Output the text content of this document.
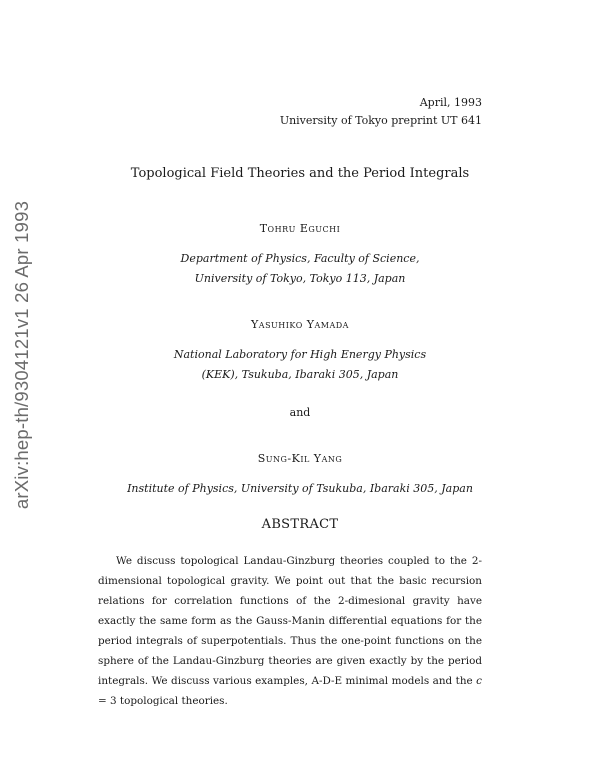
arXiv:hep-th/9304121v1 26 Apr 1993
April, 1993
University of Tokyo preprint UT 641
Topological Field Theories and the Period Integrals
Tohru Eguchi
Department of Physics, Faculty of Science,
University of Tokyo, Tokyo 113, Japan
Yasuhiko Yamada
National Laboratory for High Energy Physics
(KEK), Tsukuba, Ibaraki 305, Japan
and
Sung-Kil Yang
Institute of Physics, University of Tsukuba, Ibaraki 305, Japan
ABSTRACT

We discuss topological Landau-Ginzburg theories coupled to the 2-dimensional topological gravity. We point out that the basic recursion relations for correlation functions of the 2-dimesional gravity have exactly the same form as the Gauss-Manin differential equations for the period integrals of superpotentials. Thus the one-point functions on the sphere of the Landau-Ginzburg theories are given exactly by the period integrals. We discuss various examples, A-D-E minimal models and the c = 3 topological theories.
